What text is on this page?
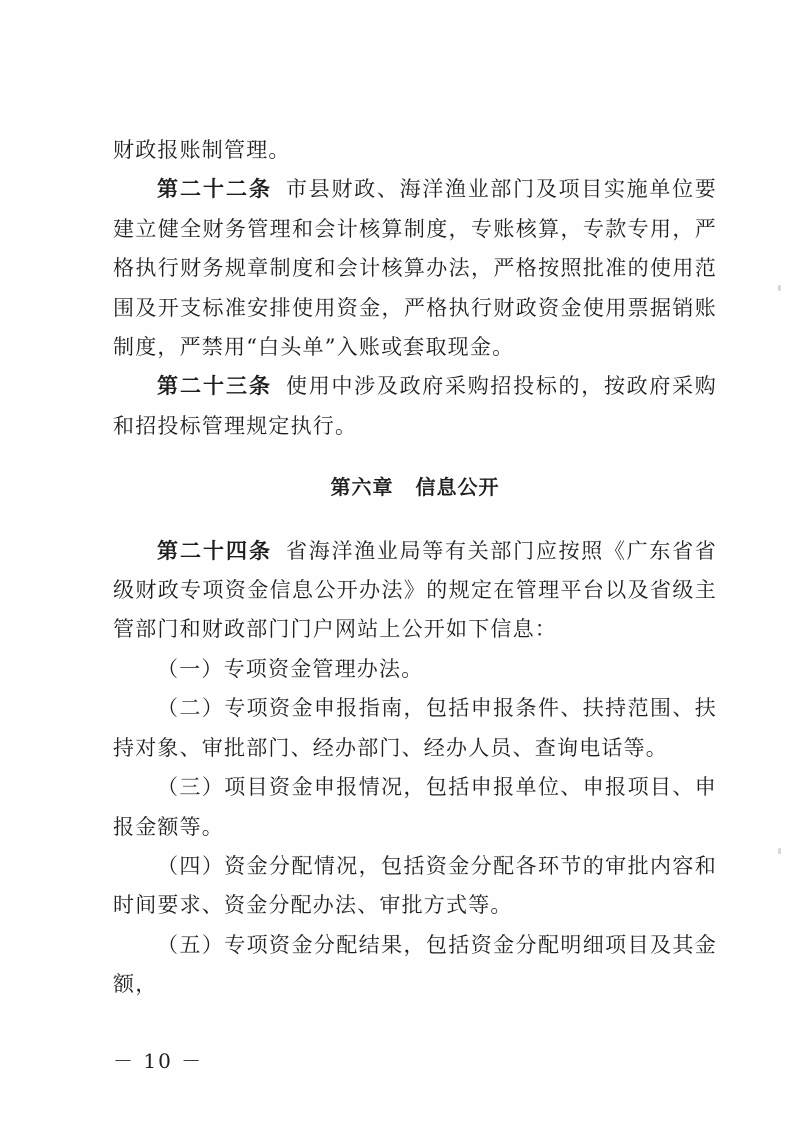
财政报账制管理。

第二十二条 市县财政、海洋渔业部门及项目实施单位要建立健全财务管理和会计核算制度，专账核算，专款专用，严格执行财务规章制度和会计核算办法，严格按照批准的使用范围及开支标准安排使用资金，严格执行财政资金使用票据销账制度，严禁用“白头单”入账或套取现金。

第二十三条 使用中涉及政府采购招投标的，按政府采购和招投标管理规定执行。

第六章 信息公开

第二十四条 省海洋渔业局等有关部门应按照《广东省省级财政专项资金信息公开办法》的规定在管理平台以及省级主管部门和财政部门门户网站上公开如下信息：

（一）专项资金管理办法。

（二）专项资金申报指南，包括申报条件、扶持范围、扶持对象、审批部门、经办部门、经办人员、查询电话等。

（三）项目资金申报情况，包括申报单位、申报项目、申报金额等。

（四）资金分配情况，包括资金分配各环节的审批内容和时间要求、资金分配办法、审批方式等。

（五）专项资金分配结果，包括资金分配明细项目及其金额，

－ 10 －
